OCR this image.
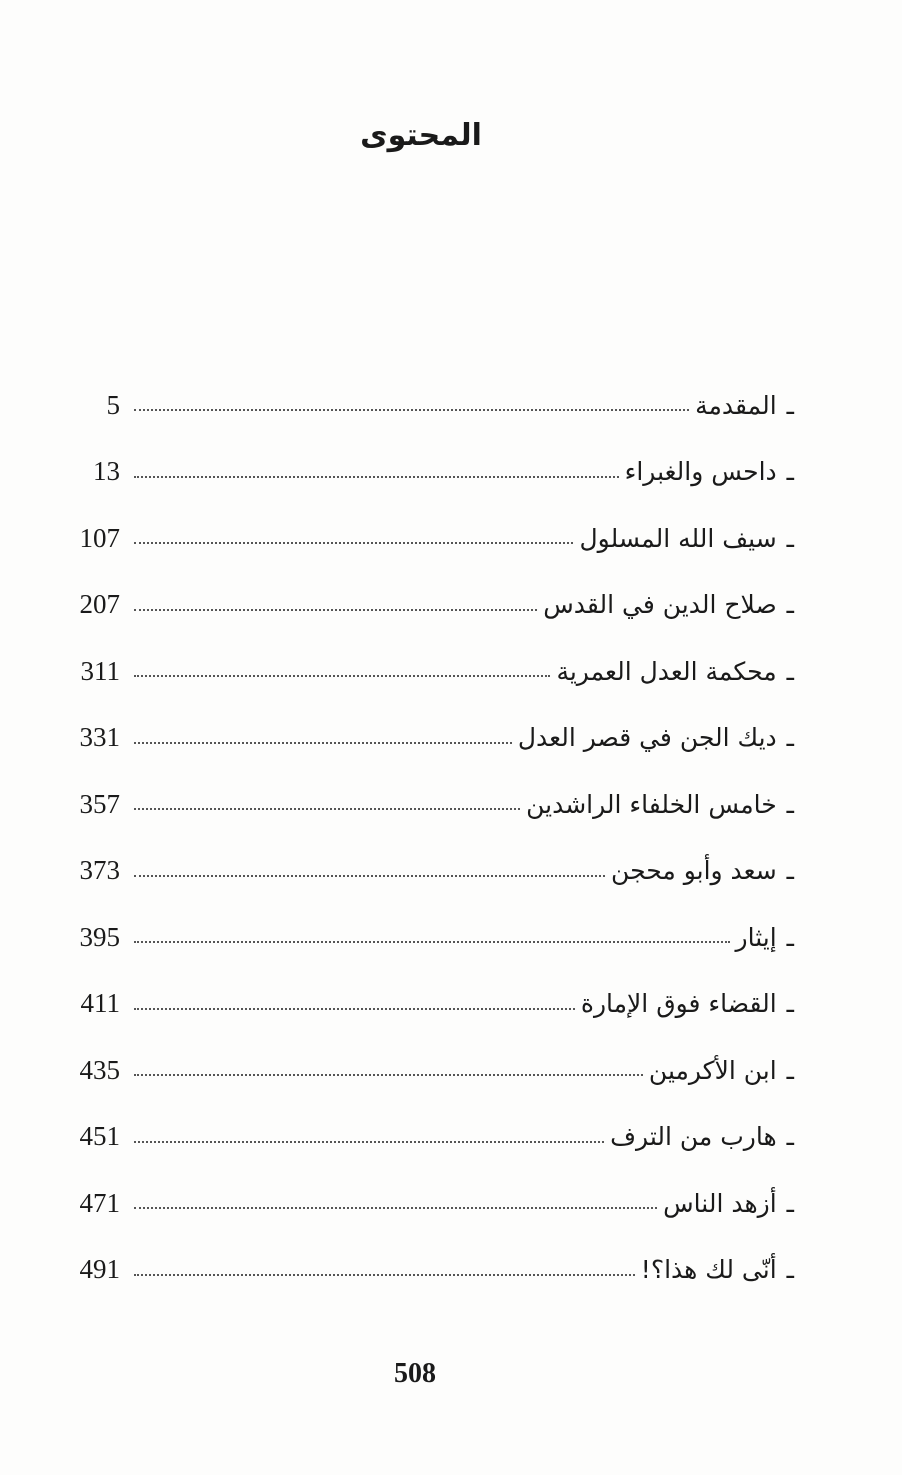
المحتوى
5	ـالمقدمة
13	ـداحس والغبراء
107	ـسيف الله المسلول
207	ـصلاح الدين في القدس
311	ـمحكمة العدل العمرية
331	ـديك الجن في قصر العدل
357	ـخامس الخلفاء الراشدين
373	ـسعد وأبو محجن
395	ـإيثار
411	ـالقضاء فوق الإمارة
435	ـابن الأكرمين
451	ـهارب من الترف
471	ـأزهد الناس
491	ـأنّى لك هذا؟!
508
